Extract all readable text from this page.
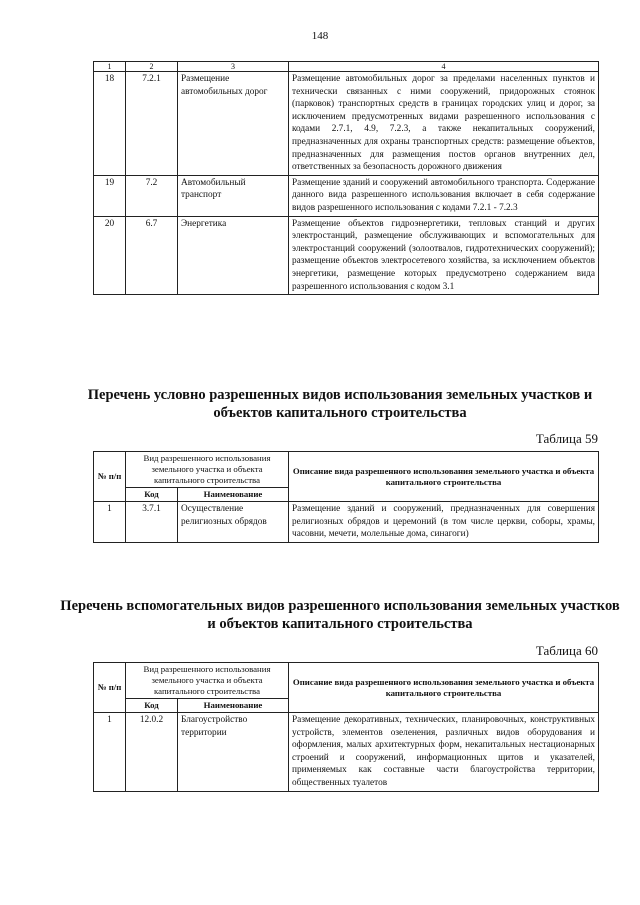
148
1	2	3	4
18	7.2.1	Размещение автомобильных дорог	Размещение автомобильных дорог за пределами населенных пунктов и технически связанных с ними сооружений, придорожных стоянок (парковок) транспортных средств в границах городских улиц и дорог, за исключением предусмотренных видами разрешенного использования с кодами 2.7.1, 4.9, 7.2.3, а также некапитальных сооружений, предназначенных для охраны транспортных средств: размещение объектов, предназначенных для размещения постов органов внутренних дел, ответственных за безопасность дорожного движения
19	7.2	Автомобильный транспорт	Размещение зданий и сооружений автомобильного транспорта. Содержание данного вида разрешенного использования включает в себя содержание видов разрешенного использования с кодами 7.2.1 - 7.2.3
20	6.7	Энергетика	Размещение объектов гидроэнергетики, тепловых станций и других электростанций, размещение обслуживающих и вспомогательных для электростанций сооружений (золоотвалов, гидротехнических сооружений); размещение объектов электросетевого хозяйства, за исключением объектов энергетики, размещение которых предусмотрено содержанием вида разрешенного использования с кодом 3.1
Перечень условно разрешенных видов использования земельных участков и объектов капитального строительства
Таблица 59
№ п/п	Вид разрешенного использования земельного участка и объекта капитального строительства		Описание вида разрешенного использования земельного участка и объекта капитального строительства
	Код	Наименование	
1	3.7.1	Осуществление религиозных обрядов	Размещение зданий и сооружений, предназначенных для совершения религиозных обрядов и церемоний (в том числе церкви, соборы, храмы, часовни, мечети, молельные дома, синагоги)
Перечень вспомогательных видов разрешенного использования земельных участков и объектов капитального строительства
Таблица 60
№ п/п	Вид разрешенного использования земельного участка и объекта капитального строительства		Описание вида разрешенного использования земельного участка и объекта капитального строительства
	Код	Наименование	
1	12.0.2	Благоустройство территории	Размещение декоративных, технических, планировочных, конструктивных устройств, элементов озеленения, различных видов оборудования и оформления, малых архитектурных форм, некапитальных нестационарных строений и сооружений, информационных щитов и указателей, применяемых как составные части благоустройства территории, общественных туалетов
